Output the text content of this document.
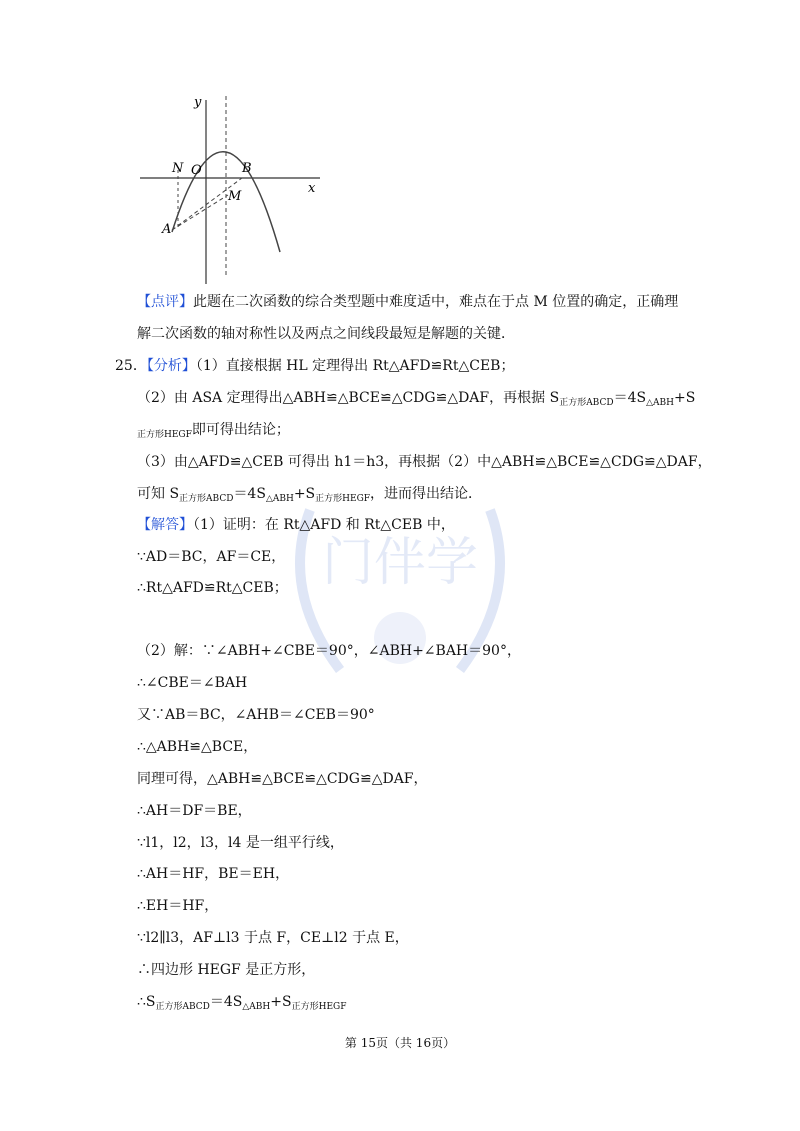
门伴学
y
x
N O	B
M
A
【点评】此题在二次函数的综合类型题中难度适中，难点在于点 M 位置的确定，正确理
解二次函数的轴对称性以及两点之间线段最短是解题的关键．
25．【分析】（1）直接根据 HL 定理得出 Rt△AFD≌Rt△CEB；
（2）由 ASA 定理得出△ABH≌△BCE≌△CDG≌△DAF，再根据 $S_{正方形ABCD}=4S_{\triangle ABH}+S$
$_{正方形HEGF}$即可得出结论；
（3）由△AFD≌△CEB 可得出 h1＝h3，再根据（2）中△ABH≌△BCE≌△CDG≌△DAF，
可知 $S_{正方形ABCD}=4S_{\triangle ABH}+S_{正方形HEGF}$，进而得出结论．
【解答】（1）证明：在 Rt△AFD 和 Rt△CEB 中，
∵AD＝BC，AF＝CE，
∴Rt△AFD≌Rt△CEB；
（2）解：∵∠ABH+∠CBE＝90°，∠ABH+∠BAH＝90°，
∴∠CBE＝∠BAH
又∵AB＝BC，∠AHB＝∠CEB＝90°
∴△ABH≌△BCE，
同理可得，△ABH≌△BCE≌△CDG≌△DAF，
∴AH＝DF＝BE，
∵l1，l2，l3，l4 是一组平行线，
∴AH＝HF，BE＝EH，
∴EH＝HF，
∵l2∥l3，AF⊥l3 于点 F，CE⊥l2 于点 E，
∴四边形 HEGF 是正方形，
$\therefore S_{正方形ABCD}=4S_{\triangle ABH}+S_{正方形HEGF}$
第 15页（共 16页）
